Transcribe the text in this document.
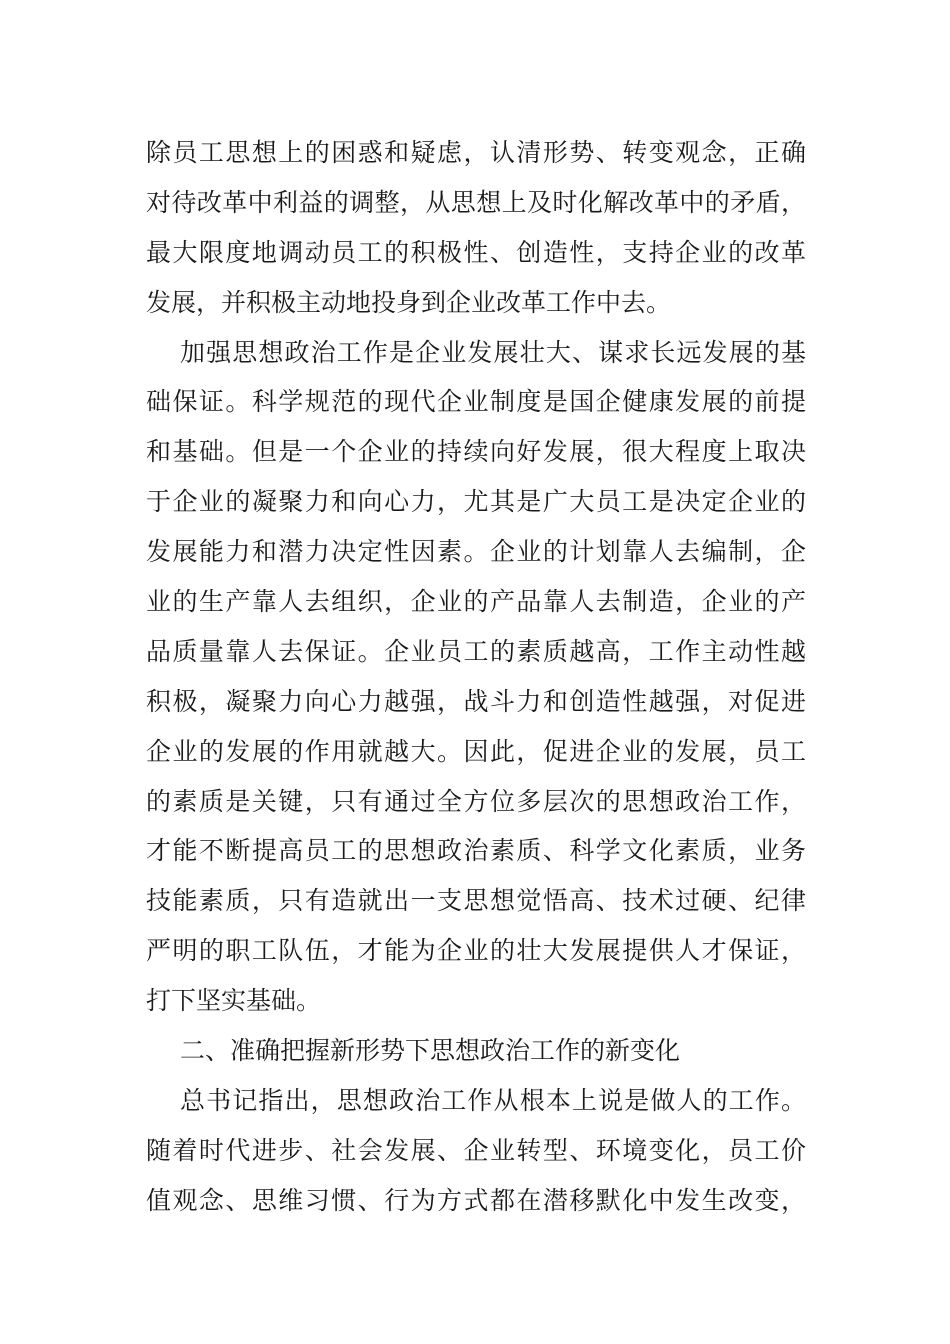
除员工思想上的困惑和疑虑，认清形势、转变观念，正确
对待改革中利益的调整，从思想上及时化解改革中的矛盾，
最大限度地调动员工的积极性、创造性，支持企业的改革
发展，并积极主动地投身到企业改革工作中去。
加强思想政治工作是企业发展壮大、谋求长远发展的基
础保证。科学规范的现代企业制度是国企健康发展的前提
和基础。但是一个企业的持续向好发展，很大程度上取决
于企业的凝聚力和向心力，尤其是广大员工是决定企业的
发展能力和潜力决定性因素。企业的计划靠人去编制，企
业的生产靠人去组织，企业的产品靠人去制造，企业的产
品质量靠人去保证。企业员工的素质越高，工作主动性越
积极，凝聚力向心力越强，战斗力和创造性越强，对促进
企业的发展的作用就越大。因此，促进企业的发展，员工
的素质是关键，只有通过全方位多层次的思想政治工作，
才能不断提高员工的思想政治素质、科学文化素质，业务
技能素质，只有造就出一支思想觉悟高、技术过硬、纪律
严明的职工队伍，才能为企业的壮大发展提供人才保证，
打下坚实基础。
二、准确把握新形势下思想政治工作的新变化
总书记指出，思想政治工作从根本上说是做人的工作。
随着时代进步、社会发展、企业转型、环境变化，员工价
值观念、思维习惯、行为方式都在潜移默化中发生改变，
